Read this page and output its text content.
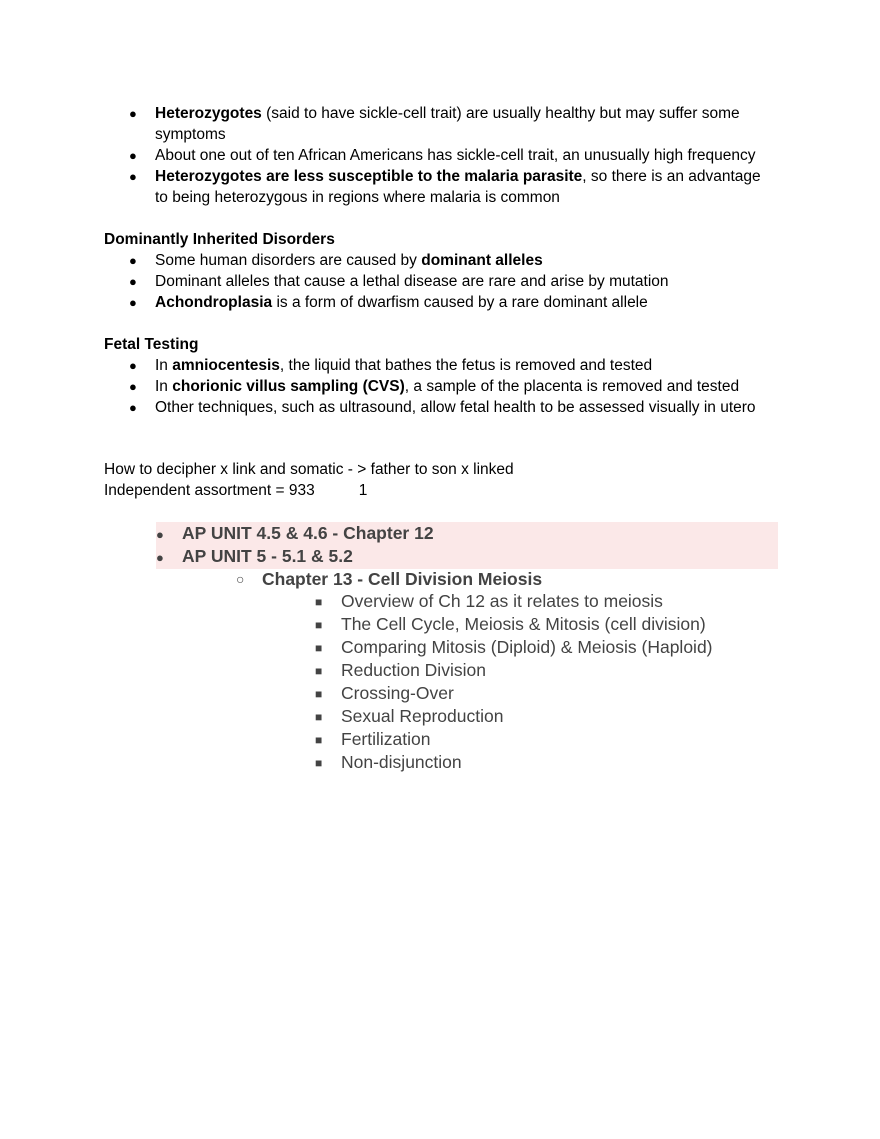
● Heterozygotes (said to have sickle-cell trait) are usually healthy but may suffer some
symptoms
● About one out of ten African Americans has sickle-cell trait, an unusually high frequency
● Heterozygotes are less susceptible to the malaria parasite, so there is an advantage
to being heterozygous in regions where malaria is common
Dominantly Inherited Disorders
● Some human disorders are caused by dominant alleles
● Dominant alleles that cause a lethal disease are rare and arise by mutation
● Achondroplasia is a form of dwarfism caused by a rare dominant allele
Fetal Testing
● In amniocentesis, the liquid that bathes the fetus is removed and tested
● In chorionic villus sampling (CVS), a sample of the placenta is removed and tested
● Other techniques, such as ultrasound, allow fetal health to be assessed visually in utero
How to decipher x link and somatic - > father to son x linked
Independent assortment = 933	1
● AP UNIT 4.5 & 4.6 - Chapter 12
● AP UNIT 5 - 5.1 & 5.2
○ Chapter 13 - Cell Division Meiosis
■ Overview of Ch 12 as it relates to meiosis
■ The Cell Cycle, Meiosis & Mitosis (cell division)
■ Comparing Mitosis (Diploid) & Meiosis (Haploid)
■ Reduction Division
■ Crossing-Over
■ Sexual Reproduction
■ Fertilization
■ Non-disjunction
